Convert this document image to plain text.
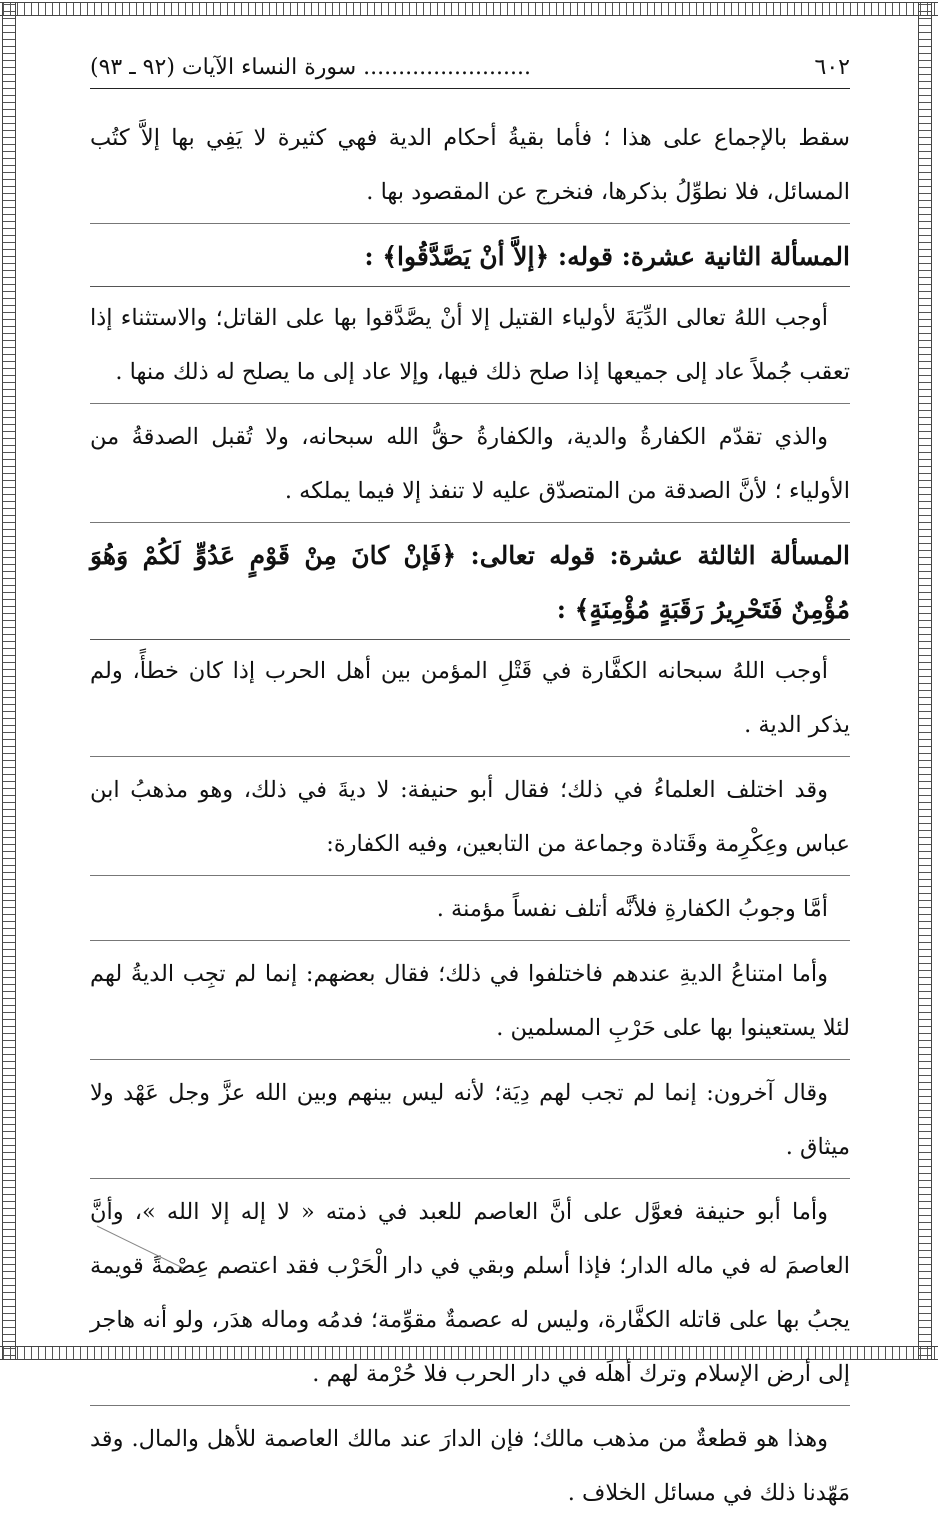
٦٠٢
........................ سورة النساء الآيات (٩٢ ـ ٩٣)

سقط بالإجماع على هذا ؛ فأما بقيةُ أحكام الدية فهي كثيرة لا يَفِي بها إلاَّ كتُب المسائل، فلا نطوِّلُ بذكرها، فنخرج عن المقصود بها .

المسألة الثانية عشرة: قوله: ﴿إلاَّ أنْ يَصَّدَّقُوا﴾ :

أوجب اللهُ تعالى الدِّيَةَ لأولياء القتيل إلا أنْ يصَّدَّقوا بها على القاتل؛ والاستثناء إذا تعقب جُملاً عاد إلى جميعها إذا صلح ذلك فيها، وإلا عاد إلى ما يصلح له ذلك منها .

والذي تقدّم الكفارةُ والدية، والكفارةُ حقُّ الله سبحانه، ولا تُقبل الصدقةُ من الأولياء ؛ لأنَّ الصدقة من المتصدّق عليه لا تنفذ إلا فيما يملكه .

المسألة الثالثة عشرة: قوله تعالى: ﴿فَإنْ كانَ مِنْ قَوْمٍ عَدُوٍّ لَكُمْ وَهُوَ مُؤْمِنٌ فَتَحْرِيرُ رَقَبَةٍ مُؤْمِنَةٍ﴾ :

أوجب اللهُ سبحانه الكفَّارة في قَتْلِ المؤمن بين أهل الحرب إذا كان خطأً، ولم يذكر الدية .

وقد اختلف العلماءُ في ذلك؛ فقال أبو حنيفة: لا ديةَ في ذلك، وهو مذهبُ ابن عباس وعِكْرِمة وقَتادة وجماعة من التابعين، وفيه الكفارة:

أمَّا وجوبُ الكفارةِ فلأنَّه أتلف نفساً مؤمنة .

وأما امتناعُ الديةِ عندهم فاختلفوا في ذلك؛ فقال بعضهم: إنما لم تجِب الديةُ لهم لئلا يستعينوا بها على حَرْبِ المسلمين .

وقال آخرون: إنما لم تجب لهم دِيَة؛ لأنه ليس بينهم وبين الله عزَّ وجل عَهْد ولا ميثاق .

وأما أبو حنيفة فعوَّل على أنَّ العاصم للعبد في ذمته « لا إله إلا الله »، وأنَّ العاصمَ له في ماله الدار؛ فإذا أسلم وبقي في دار الْحَرْب فقد اعتصم عِصْمةً قويمة يجبُ بها على قاتله الكفَّارة، وليس له عصمةٌ مقوِّمة؛ فدمُه وماله هدَر، ولو أنه هاجر إلى أرض الإسلام وترك أهلَه في دار الحرب فلا حُرْمة لهم .

وهذا هو قطعةٌ من مذهب مالك؛ فإن الدارَ عند مالك العاصمة للأهل والمال. وقد مَهّدنا ذلك في مسائل الخلاف .
